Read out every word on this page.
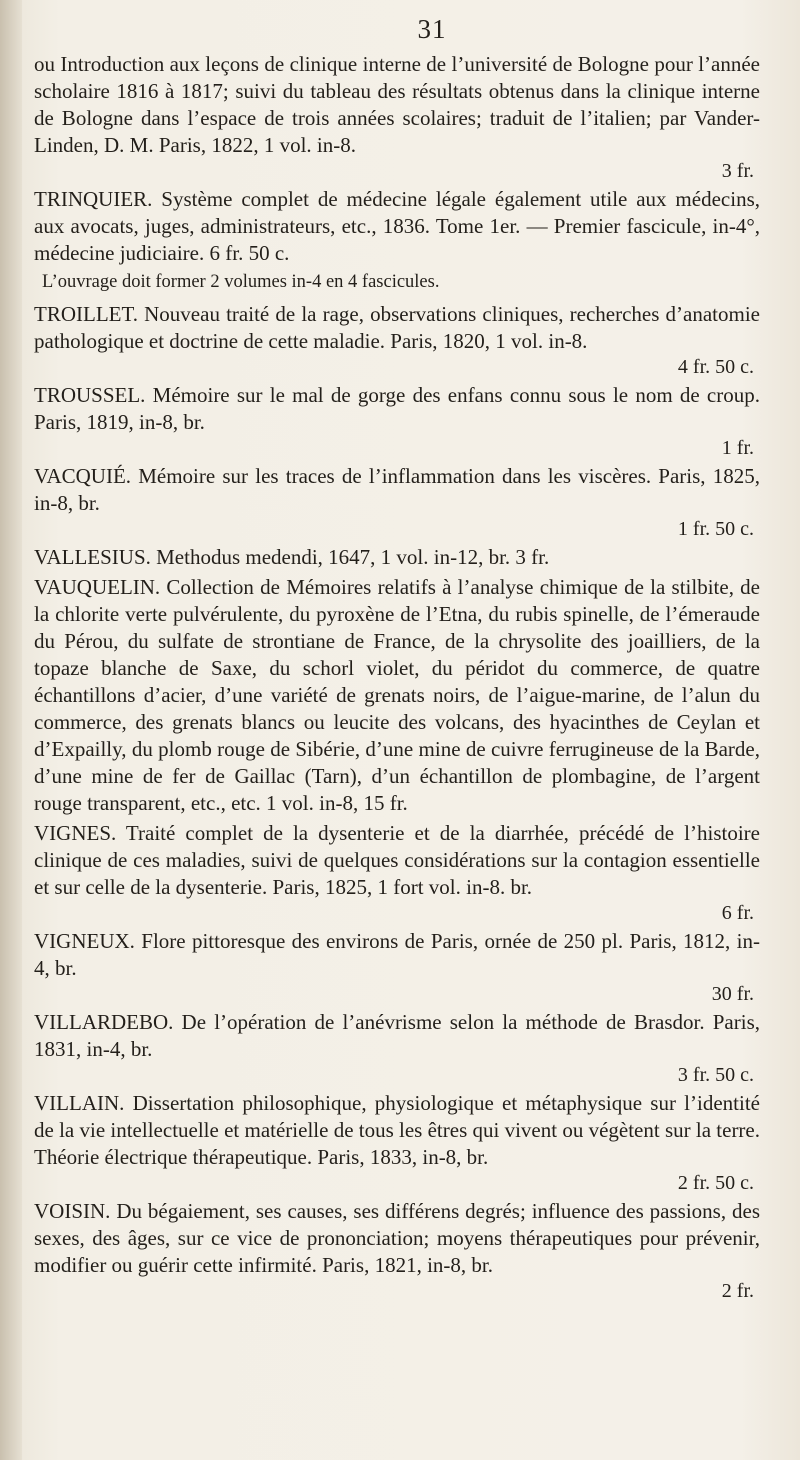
31

ou Introduction aux leçons de clinique interne de l’université de Bologne pour l’année scholaire 1816 à 1817; suivi du tableau des résultats obtenus dans la clinique interne de Bologne dans l’espace de trois années scolaires; traduit de l’italien; par Vander-Linden, D. M. Paris, 1822, 1 vol. in-8.

3 fr.

TRINQUIER. Système complet de médecine légale également utile aux médecins, aux avocats, juges, administrateurs, etc., 1836. Tome 1er. — Premier fascicule, in-4°, médecine judiciaire. 6 fr. 50 c.

L’ouvrage doit former 2 volumes in-4 en 4 fascicules.

TROILLET. Nouveau traité de la rage, observations cliniques, recherches d’anatomie pathologique et doctrine de cette maladie. Paris, 1820, 1 vol. in-8.

4 fr. 50 c.

TROUSSEL. Mémoire sur le mal de gorge des enfans connu sous le nom de croup. Paris, 1819, in-8, br.

1 fr.

VACQUIÉ. Mémoire sur les traces de l’inflammation dans les viscères. Paris, 1825, in-8, br.

1 fr. 50 c.

VALLESIUS. Methodus medendi, 1647, 1 vol. in-12, br. 3 fr.

VAUQUELIN. Collection de Mémoires relatifs à l’analyse chimique de la stilbite, de la chlorite verte pulvérulente, du pyroxène de l’Etna, du rubis spinelle, de l’émeraude du Pérou, du sulfate de strontiane de France, de la chrysolite des joailliers, de la topaze blanche de Saxe, du schorl violet, du péridot du commerce, de quatre échantillons d’acier, d’une variété de grenats noirs, de l’aigue-marine, de l’alun du commerce, des grenats blancs ou leucite des volcans, des hyacinthes de Ceylan et d’Expailly, du plomb rouge de Sibérie, d’une mine de cuivre ferrugineuse de la Barde, d’une mine de fer de Gaillac (Tarn), d’un échantillon de plombagine, de l’argent rouge transparent, etc., etc. 1 vol. in-8, 15 fr.

VIGNES. Traité complet de la dysenterie et de la diarrhée, précédé de l’histoire clinique de ces maladies, suivi de quelques considérations sur la contagion essentielle et sur celle de la dysenterie. Paris, 1825, 1 fort vol. in-8. br.

6 fr.

VIGNEUX. Flore pittoresque des environs de Paris, ornée de 250 pl. Paris, 1812, in-4, br.

30 fr.

VILLARDEBO. De l’opération de l’anévrisme selon la méthode de Brasdor. Paris, 1831, in-4, br.

3 fr. 50 c.

VILLAIN. Dissertation philosophique, physiologique et métaphysique sur l’identité de la vie intellectuelle et matérielle de tous les êtres qui vivent ou végètent sur la terre. Théorie électrique thérapeutique. Paris, 1833, in-8, br.

2 fr. 50 c.

VOISIN. Du bégaiement, ses causes, ses différens degrés; influence des passions, des sexes, des âges, sur ce vice de prononciation; moyens thérapeutiques pour prévenir, modifier ou guérir cette infirmité. Paris, 1821, in-8, br.

2 fr.
